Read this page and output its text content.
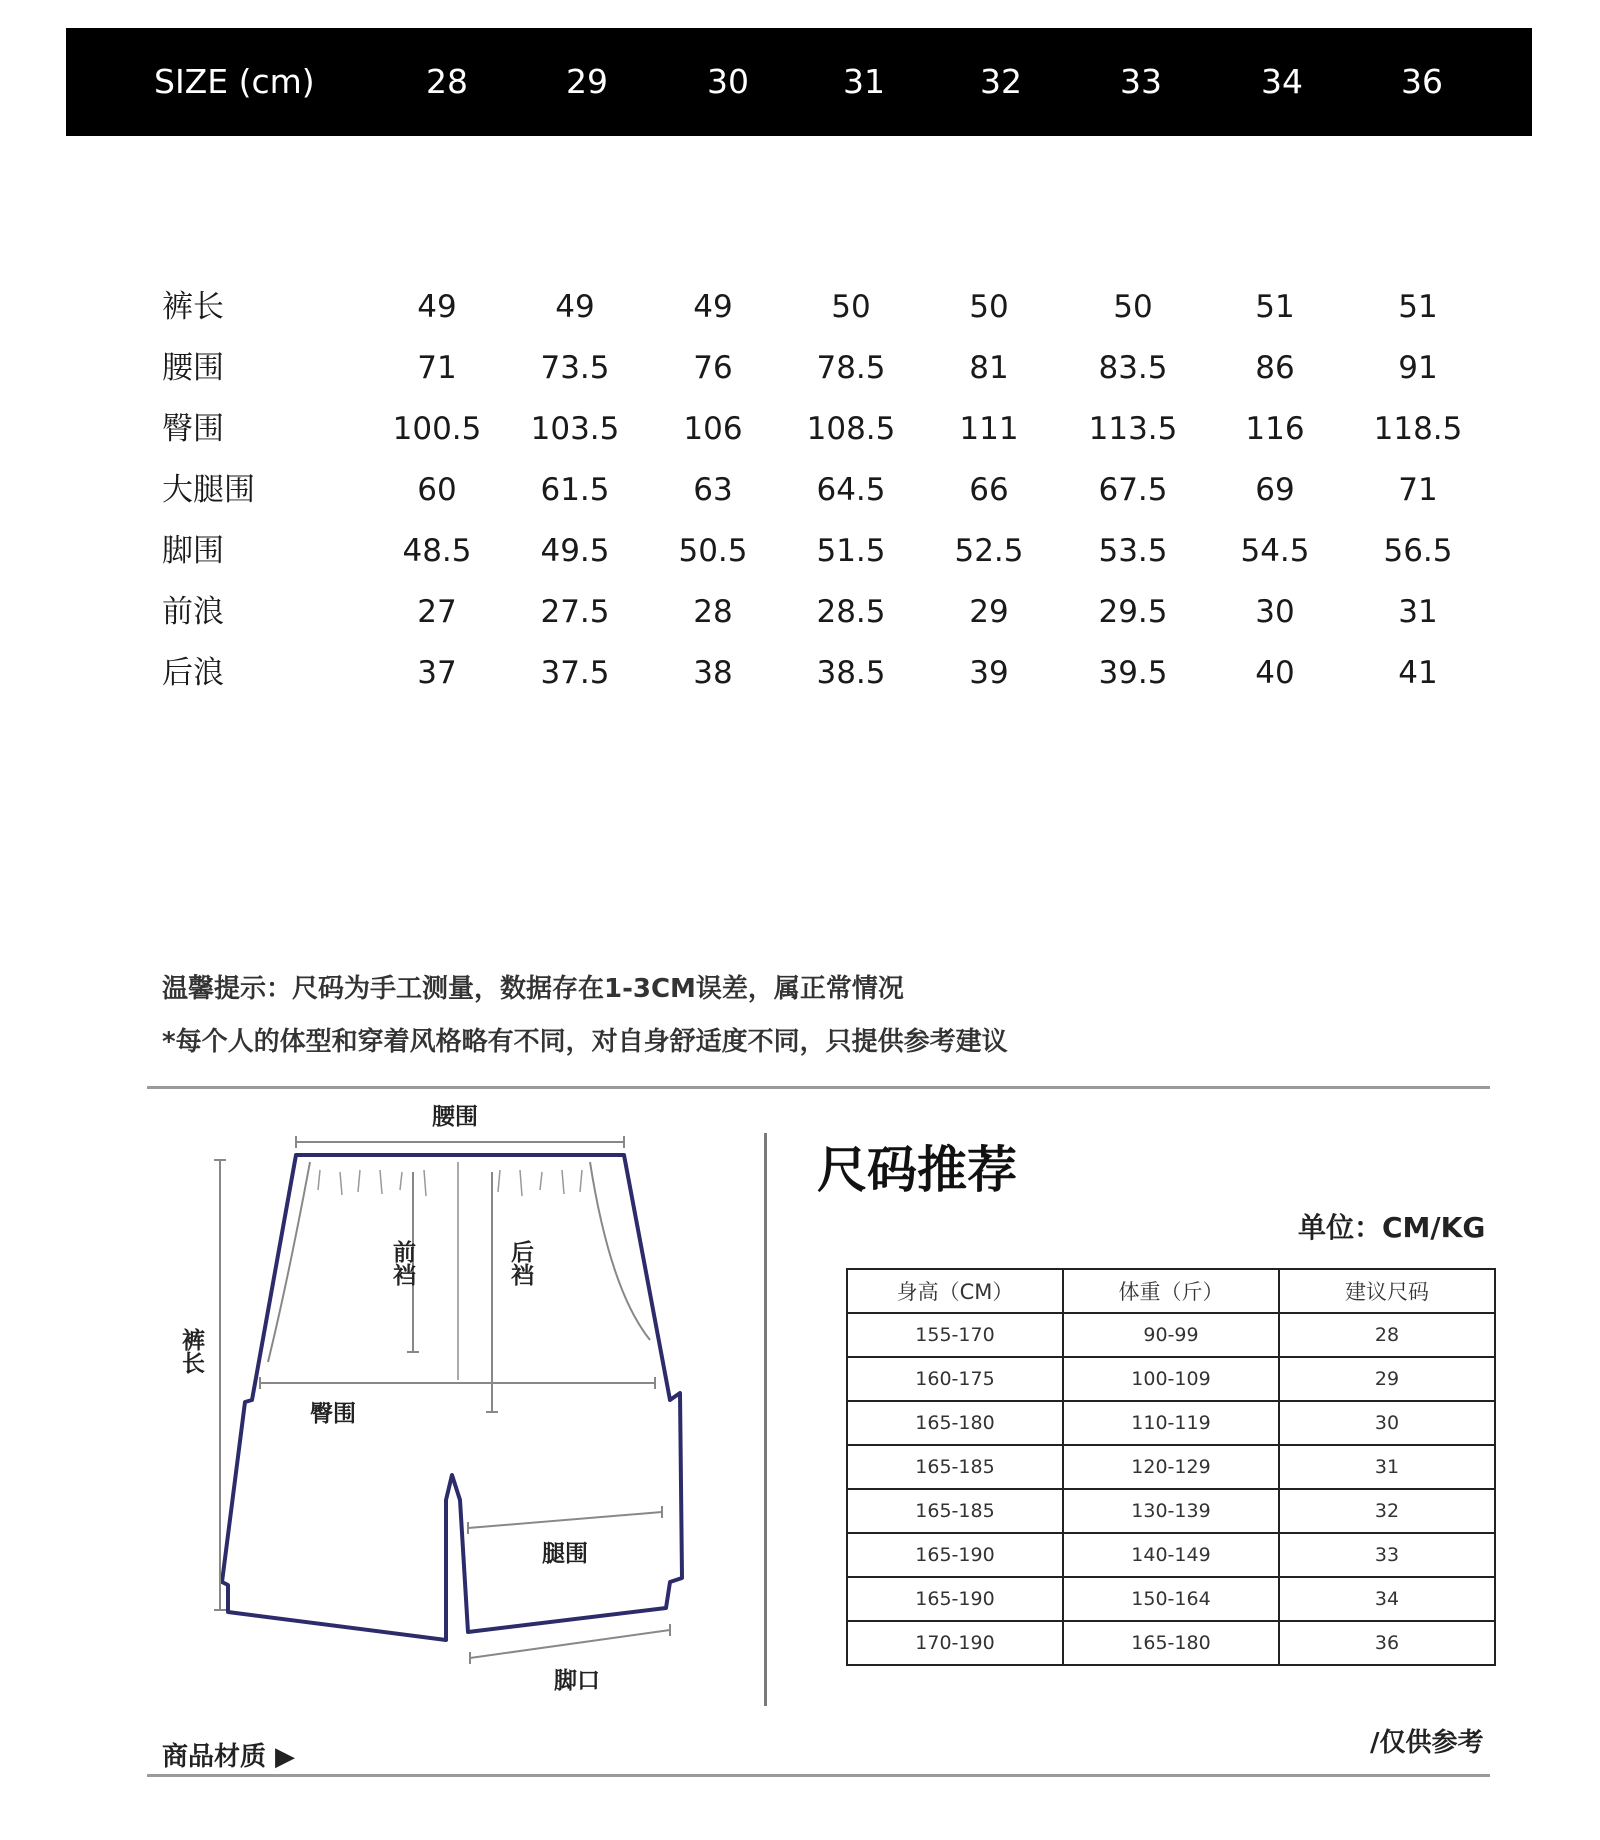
SIZE (cm)	28	29	30	31	32	33	34	36
裤长	49	49	49	50	50	50	51	51
腰围	71	73.5	76	78.5	81	83.5	86	91
臀围	100.5 103.5 106 108.5 111 113.5 116 118.5
大腿围	60	61.5	63	64.5	66	67.5	69	71
脚围	48.5 49.5 50.5 51.5 52.5 53.5 54.5 56.5
前浪	27	27.5	28	28.5	29	29.5	30	31
后浪	37	37.5	38	38.5	39	39.5	40	41
温馨提示：尺码为手工测量，数据存在1-3CM误差，属正常情况
*每个人的体型和穿着风格略有不同，对自身舒适度不同，只提供参考建议
腰围
前裆	后裆
裤长
臀围
腿围
脚口
尺码推荐
单位：CM/KG
身高（CM）	体重（斤）	建议尺码
155-170	90-99	28
160-175	100-109	29
165-180	110-119	30
165-185	120-129	31
165-185	130-139	32
165-190	140-149	33
165-190	150-164	34
170-190	165-180	36
商品材质 ▶	/仅供参考
